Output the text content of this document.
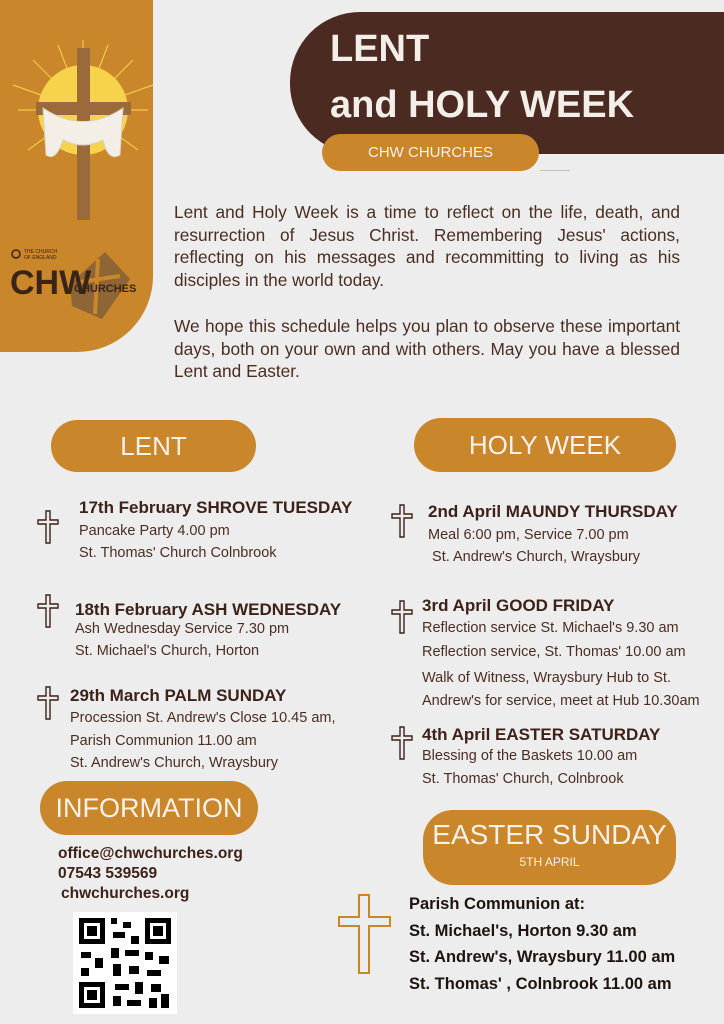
THE CHURCH
OF ENGLAND
CHW
CHURCHES
LENT
and HOLY WEEK
CHW CHURCHES
Lent and Holy Week is a time to reflect on the life, death, and resurrection of Jesus Christ. Remembering Jesus' actions, reflecting on his messages and recommitting to living as his disciples in the world today.
We hope this schedule helps you plan to observe these important days, both on your own and with others. May you have a blessed Lent and Easter.
LENT	HOLY WEEK
17th February SHROVE TUESDAY
Pancake Party 4.00 pm
St. Thomas' Church Colnbrook
18th February ASH WEDNESDAY
Ash Wednesday Service 7.30 pm
St. Michael's Church, Horton
29th March PALM SUNDAY
Procession St. Andrew's Close 10.45 am,
Parish Communion 11.00 am
St. Andrew's Church, Wraysbury
2nd April MAUNDY THURSDAY
Meal 6:00 pm, Service 7.00 pm
St. Andrew's Church, Wraysbury
3rd April GOOD FRIDAY
Reflection service St. Michael's 9.30 am
Reflection service, St. Thomas' 10.00 am
Walk of Witness, Wraysbury Hub to St.
Andrew's for service, meet at Hub 10.30am
4th April EASTER SATURDAY
Blessing of the Baskets 10.00 am
St. Thomas' Church, Colnbrook
INFORMATION
office@chwchurches.org
07543 539569
chwchurches.org
EASTER SUNDAY
5TH APRIL
Parish Communion at:
St. Michael's, Horton 9.30 am
St. Andrew's, Wraysbury 11.00 am
St. Thomas' , Colnbrook 11.00 am
